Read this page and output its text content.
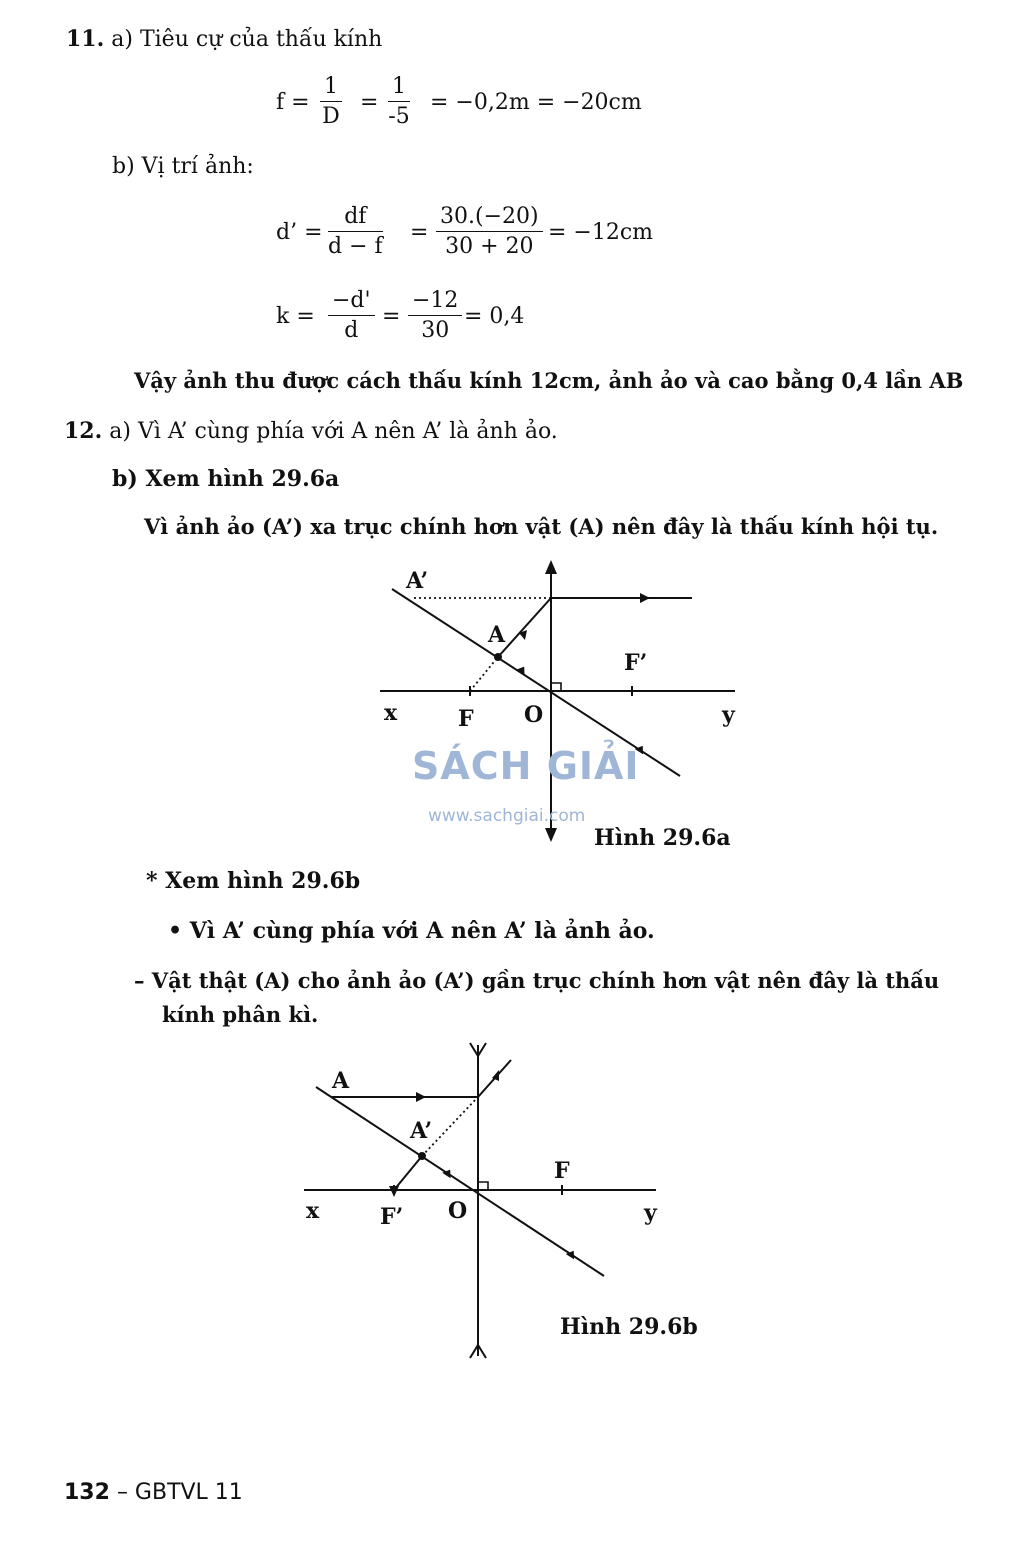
11. a) Tiêu cự của thấu kính
$f = \frac{1}{D} = \frac{1}{-5} = -0,2m = -20cm$
b) Vị trí ảnh:
d’ = $\frac{df}{d - f} = \frac{30.(-20)}{30 + 20} = -12cm$
$k = \frac{-d'}{d} = \frac{-12}{30} = 0,4$
Vậy ảnh thu được cách thấu kính 12cm, ảnh ảo và cao bằng 0,4 lần AB
12. a) Vì A’ cùng phía với A nên A’ là ảnh ảo.
b) Xem hình 29.6a
Vì ảnh ảo (A’) xa trục chính hơn vật (A) nên đây là thấu kính hội tụ.
A’
A
F’
F O
x	y
Hình 29.6a
SÁCH GIẢI
www.sachgiai.com
* Xem hình 29.6b
• Vì A’ cùng phía với A nên A’ là ảnh ảo.
– Vật thật (A) cho ảnh ảo (A’) gần trục chính hơn vật nên đây là thấu
kính phân kì.
A
A’
F
F’ O
x	y
Hình 29.6b
132 – GBTVL 11
